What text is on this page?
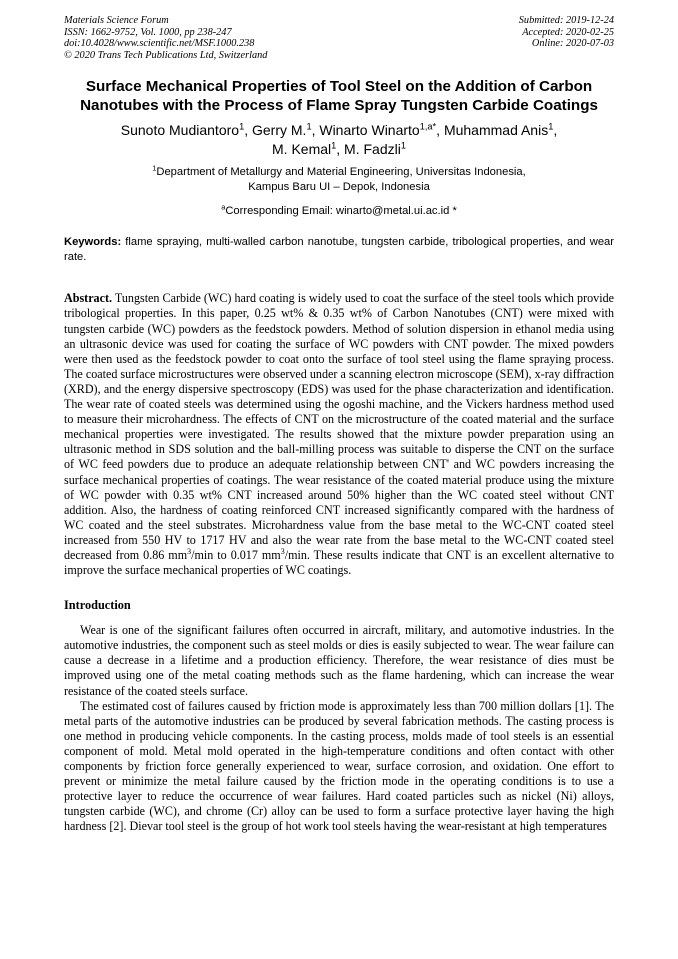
Materials Science Forum
ISSN: 1662-9752, Vol. 1000, pp 238-247
doi:10.4028/www.scientific.net/MSF.1000.238
© 2020 Trans Tech Publications Ltd, Switzerland
Submitted: 2019-12-24
Accepted: 2020-02-25
Online: 2020-07-03
Surface Mechanical Properties of Tool Steel on the Addition of Carbon Nanotubes with the Process of Flame Spray Tungsten Carbide Coatings
Sunoto Mudiantoro$^1$, Gerry M.$^1$, Winarto Winarto$^{1,a*}$, Muhammad Anis$^1$,
M. Kemal$^1$, M. Fadzli$^1$
$^1$Department of Metallurgy and Material Engineering, Universitas Indonesia,
Kampus Baru UI – Depok, Indonesia
$^a$Corresponding Email: winarto@metal.ui.ac.id *
Keywords: flame spraying, multi-walled carbon nanotube, tungsten carbide, tribological properties, and wear rate.
Abstract. Tungsten Carbide (WC) hard coating is widely used to coat the surface of the steel tools which provide tribological properties. In this paper, 0.25 wt% & 0.35 wt% of Carbon Nanotubes (CNT) were mixed with tungsten carbide (WC) powders as the feedstock powders. Method of solution dispersion in ethanol media using an ultrasonic device was used for coating the surface of WC powders with CNT powder. The mixed powders were then used as the feedstock powder to coat onto the surface of tool steel using the flame spraying process. The coated surface microstructures were observed under a scanning electron microscope (SEM), x-ray diffraction (XRD), and the energy dispersive spectroscopy (EDS) was used for the phase characterization and identification. The wear rate of coated steels was determined using the ogoshi machine, and the Vickers hardness method used to measure their microhardness. The effects of CNT on the microstructure of the coated material and the surface mechanical properties were investigated. The results showed that the mixture powder preparation using an ultrasonic method in SDS solution and the ball-milling process was suitable to disperse the CNT on the surface of WC feed powders due to produce an adequate relationship between CNT' and WC powders increasing the surface mechanical properties of coatings. The wear resistance of the coated material produce using the mixture of WC powder with 0.35 wt% CNT increased around 50% higher than the WC coated steel without CNT addition. Also, the hardness of coating reinforced CNT increased significantly compared with the hardness of WC coated and the steel substrates. Microhardness value from the base metal to the WC-CNT coated steel increased from 550 HV to 1717 HV and also the wear rate from the base metal to the WC-CNT coated steel decreased from 0.86 $mm^3/\min$ to 0.017 $mm^3/\min$. These results indicate that CNT is an excellent alternative to improve the surface mechanical properties of WC coatings.
Introduction
Wear is one of the significant failures often occurred in aircraft, military, and automotive industries. In the automotive industries, the component such as steel molds or dies is easily subjected to wear. The wear failure can cause a decrease in a lifetime and a production efficiency. Therefore, the wear resistance of dies must be improved using one of the metal coating methods such as the flame hardening, which can increase the wear resistance of the coated steels surface.
The estimated cost of failures caused by friction mode is approximately less than 700 million dollars [1]. The metal parts of the automotive industries can be produced by several fabrication methods. The casting process is one method in producing vehicle components. In the casting process, molds made of tool steels is an essential component of mold. Metal mold operated in the high-temperature conditions and often contact with other components by friction force generally experienced to wear, surface corrosion, and oxidation. One effort to prevent or minimize the metal failure caused by the friction mode in the operating conditions is to use a protective layer to reduce the occurrence of wear failures. Hard coated particles such as nickel (Ni) alloys, tungsten carbide (WC), and chrome (Cr) alloy can be used to form a surface protective layer having the high hardness [2]. Dievar tool steel is the group of hot work tool steels having the wear-resistant at high temperatures
